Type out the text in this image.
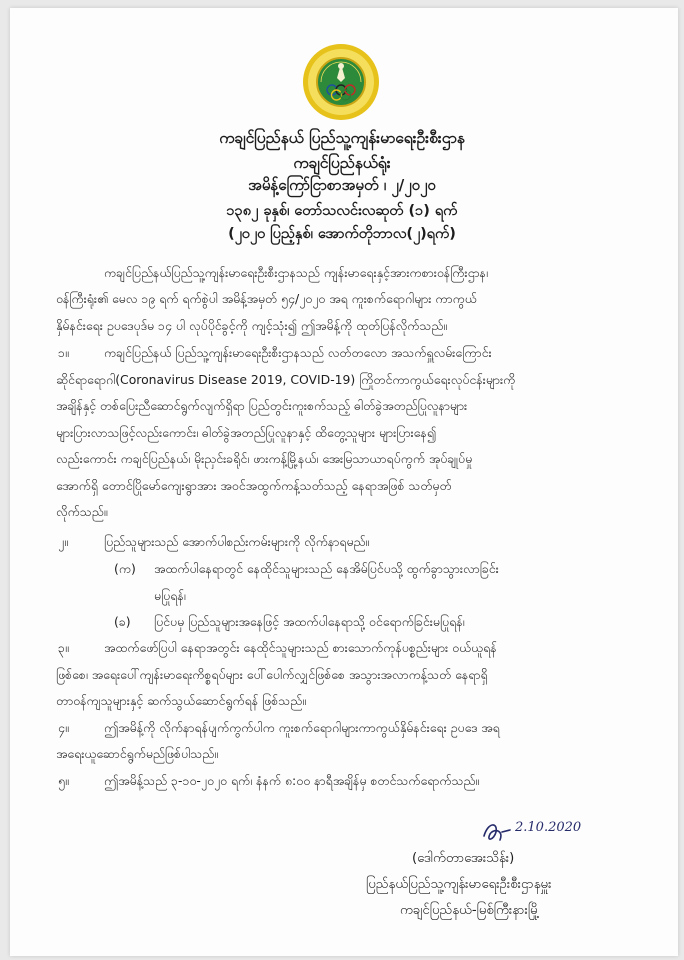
ကချင်ပြည်နယ် ပြည်သူ့ကျန်းမာရေးဦးစီးဌာန
ကချင်ပြည်နယ်ရုံး
အမိန့်ကြော်ငြာစာအမှတ် ၊ ၂/၂၀၂၀
၁၃၈၂ ခုနှစ်၊ တော်သလင်းလဆုတ် (၁) ရက်
(၂၀၂၀ ပြည့်နှစ်၊ အောက်တိုဘာလ(၂)ရက်)
ကချင်ပြည်နယ်ပြည်သူ့ကျန်းမာရေးဦးစီးဌာနသည် ကျန်းမာရေးနှင့်အားကစားဝန်ကြီးဌာန၊
ဝန်ကြီးရုံး၏ မေလ ၁၉ ရက် ရက်စွဲပါ အမိန့်အမှတ် ၅၄/၂၀၂၀ အရ ကူးစက်ရောဂါများ ကာကွယ်
နှိမ်နင်းရေး ဥပဒေပုဒ်မ ၁၄ ပါ လုပ်ပိုင်ခွင့်ကို ကျင့်သုံး၍ ဤအမိန့်ကို ထုတ်ပြန်လိုက်သည်။
၁။	ကချင်ပြည်နယ် ပြည်သူ့ကျန်းမာရေးဦးစီးဌာနသည် လတ်တလော အသက်ရှူလမ်းကြောင်း
ဆိုင်ရာရောဂါ(Coronavirus Disease 2019, COVID-19) ကြိုတင်ကာကွယ်ရေးလုပ်ငန်းများကို
အချိန်နှင့် တစ်ပြေးညီဆောင်ရွက်လျက်ရှိရာ ပြည်တွင်းကူးစက်သည့် ဓါတ်ခွဲအတည်ပြုလူနာများ
များပြားလာသဖြင့်လည်းကောင်း၊ ဓါတ်ခွဲအတည်ပြုလူနာနှင့် ထိတွေ့သူများ များပြားနေ၍
လည်းကောင်း ကချင်ပြည်နယ်၊ မိုးညှင်းခရိုင်၊ ဖားကန့်မြို့နယ်၊ အေးမြသာယာရပ်ကွက် အုပ်ချုပ်မှု
အောက်ရှိ တောင်ပြိုမော်ကျေးရွာအား အဝင်အထွက်ကန့်သတ်သည့် နေရာအဖြစ် သတ်မှတ်
လိုက်သည်။
၂။	ပြည်သူများသည် အောက်ပါစည်းကမ်းများကို လိုက်နာရမည်။
(က) အထက်ပါနေရာတွင် နေထိုင်သူများသည် နေအိမ်ပြင်ပသို့ ထွက်ခွာသွားလာခြင်း
မပြုရန်၊
(ခ) ပြင်ပမှ ပြည်သူများအနေဖြင့် အထက်ပါနေရာသို့ ဝင်ရောက်ခြင်းမပြုရန်၊
၃။	အထက်ဖော်ပြပါ နေရာအတွင်း နေထိုင်သူများသည် စားသောက်ကုန်ပစ္စည်းများ ဝယ်ယူရန်
ဖြစ်စေ၊ အရေးပေါ်ကျန်းမာရေးကိစ္စရပ်များ ပေါ်ပေါက်လျှင်ဖြစ်စေ အသွားအလာကန့်သတ် နေရာရှိ
တာဝန်ကျသူများနှင့် ဆက်သွယ်ဆောင်ရွက်ရန် ဖြစ်သည်။
၄။	ဤအမိန့်ကို လိုက်နာရန်ပျက်ကွက်ပါက ကူးစက်ရောဂါများကာကွယ်နှိမ်နင်းရေး ဥပဒေ အရ
အရေးယူဆောင်ရွက်မည်ဖြစ်ပါသည်။
၅။	ဤအမိန့်သည် ၃-၁၀-၂၀၂၀ ရက်၊ နံနက် ၈:၀၀ နာရီအချိန်မှ စတင်သက်ရောက်သည်။
2.10.2020
(ဒေါက်တာအေးသိန်း)
ပြည်နယ်ပြည်သူ့ကျန်းမာရေးဦးစီးဌာနမှူး
ကချင်ပြည်နယ်-မြစ်ကြီးနားမြို့
